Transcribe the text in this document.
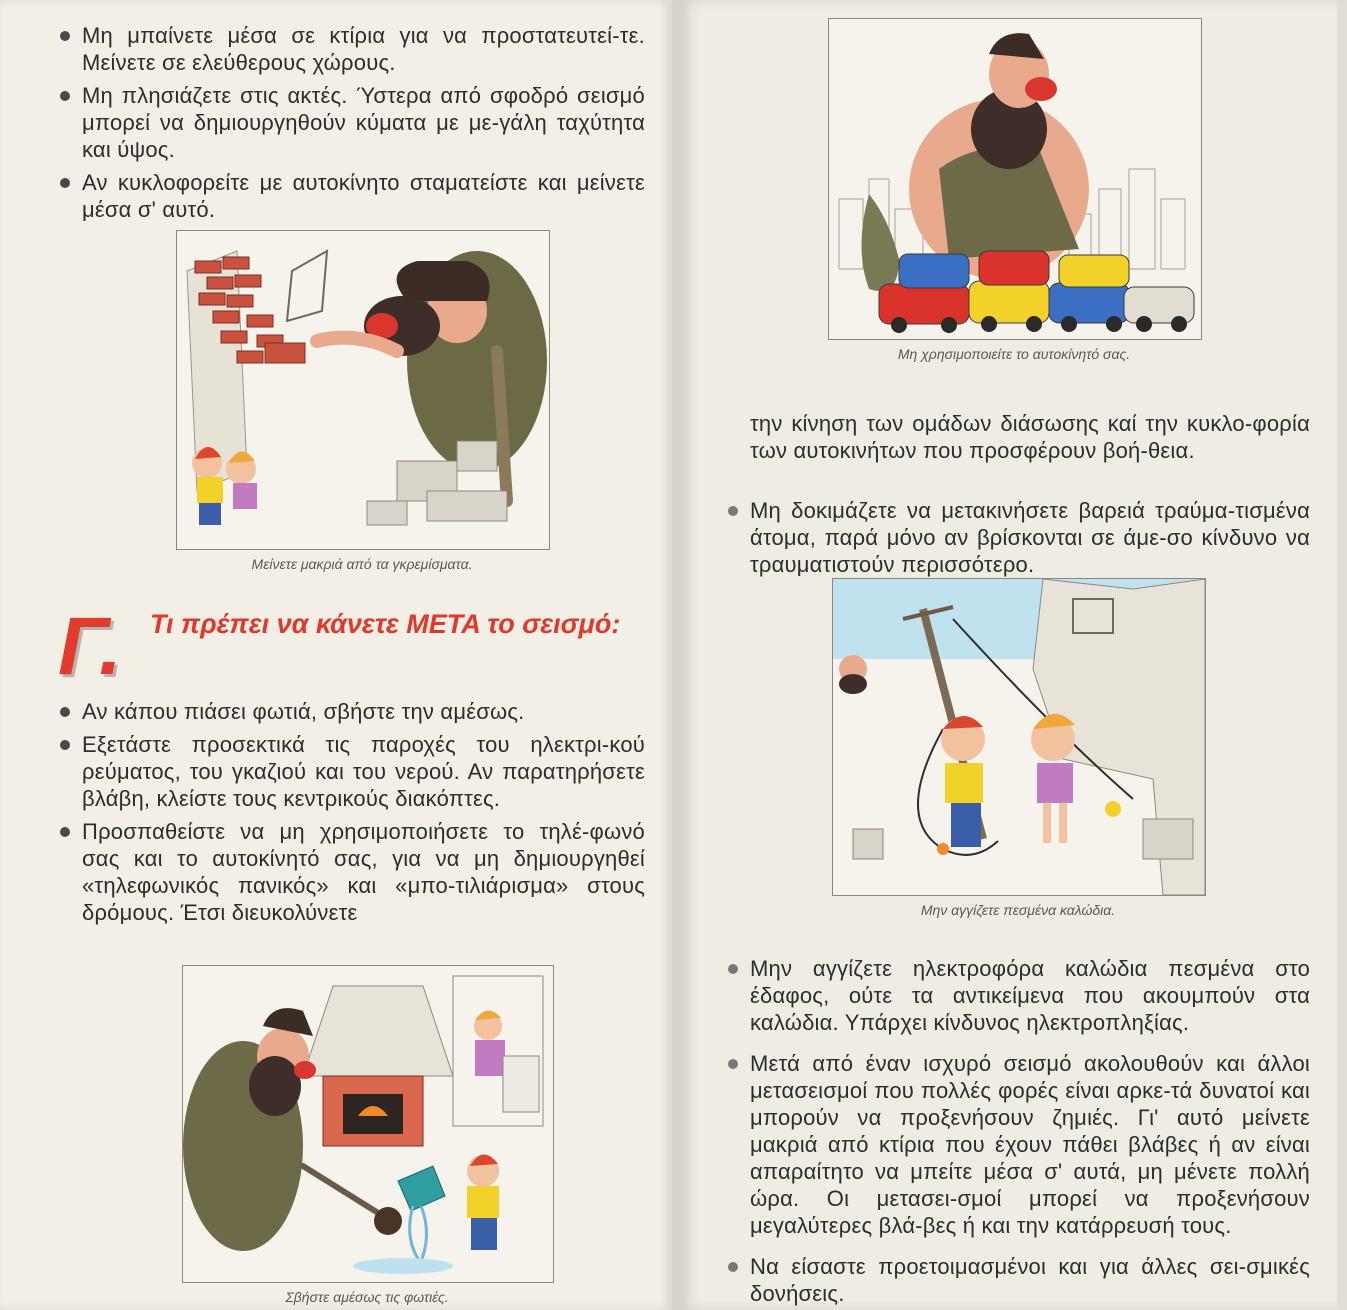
Μη μπαίνετε μέσα σε κτίρια για να προστατευτεί-τε. Μείνετε σε ελεύθερους χώρους.
Μη πλησιάζετε στις ακτές. Ύστερα από σφοδρό σεισμό μπορεί να δημιουργηθούν κύματα με με-γάλη ταχύτητα και ύψος.
Αν κυκλοφορείτε με αυτοκίνητο σταματείστε και μείνετε μέσα σ' αυτό.
Μείνετε μακριά από τα γκρεμίσματα.
Γ.	Τι πρέπει να κάνετε ΜΕΤΑ το σεισμό:
Αν κάπου πιάσει φωτιά, σβήστε την αμέσως.
Εξετάστε προσεκτικά τις παροχές του ηλεκτρι-κού ρεύματος, του γκαζιού και του νερού. Αν παρατηρήσετε βλάβη, κλείστε τους κεντρικούς διακόπτες.
Προσπαθείστε να μη χρησιμοποιήσετε το τηλέ-φωνό σας και το αυτοκίνητό σας, για να μη δημιουργηθεί «τηλεφωνικός πανικός» και «μπο-τιλιάρισμα» στους δρόμους. Έτσι διευκολύνετε
Σβήστε αμέσως τις φωτιές.
Μη χρησιμοποιείτε το αυτοκίνητό σας.

την κίνηση των ομάδων διάσωσης καί την κυκλο-φορία των αυτοκινήτων που προσφέρουν βοή-θεια.

Μη δοκιμάζετε να μετακινήσετε βαρειά τραύμα-τισμένα άτομα, παρά μόνο αν βρίσκονται σε άμε-σο κίνδυνο να τραυματιστούν περισσότερο.
Μην αγγίζετε πεσμένα καλώδια.
Μην αγγίζετε ηλεκτροφόρα καλώδια πεσμένα στο έδαφος, ούτε τα αντικείμενα που ακουμπούν στα καλώδια. Υπάρχει κίνδυνος ηλεκτροπληξίας.
Μετά από έναν ισχυρό σεισμό ακολουθούν και άλλοι μετασεισμοί που πολλές φορές είναι αρκε-τά δυνατοί και μπορούν να προξενήσουν ζημιές. Γι' αυτό μείνετε μακριά από κτίρια που έχουν πάθει βλάβες ή αν είναι απαραίτητο να μπείτε μέσα σ' αυτά, μη μένετε πολλή ώρα. Οι μετασει-σμοί μπορεί να προξενήσουν μεγαλύτερες βλά-βες ή και την κατάρρευσή τους.
Να είσαστε προετοιμασμένοι και για άλλες σει-σμικές δονήσεις.
